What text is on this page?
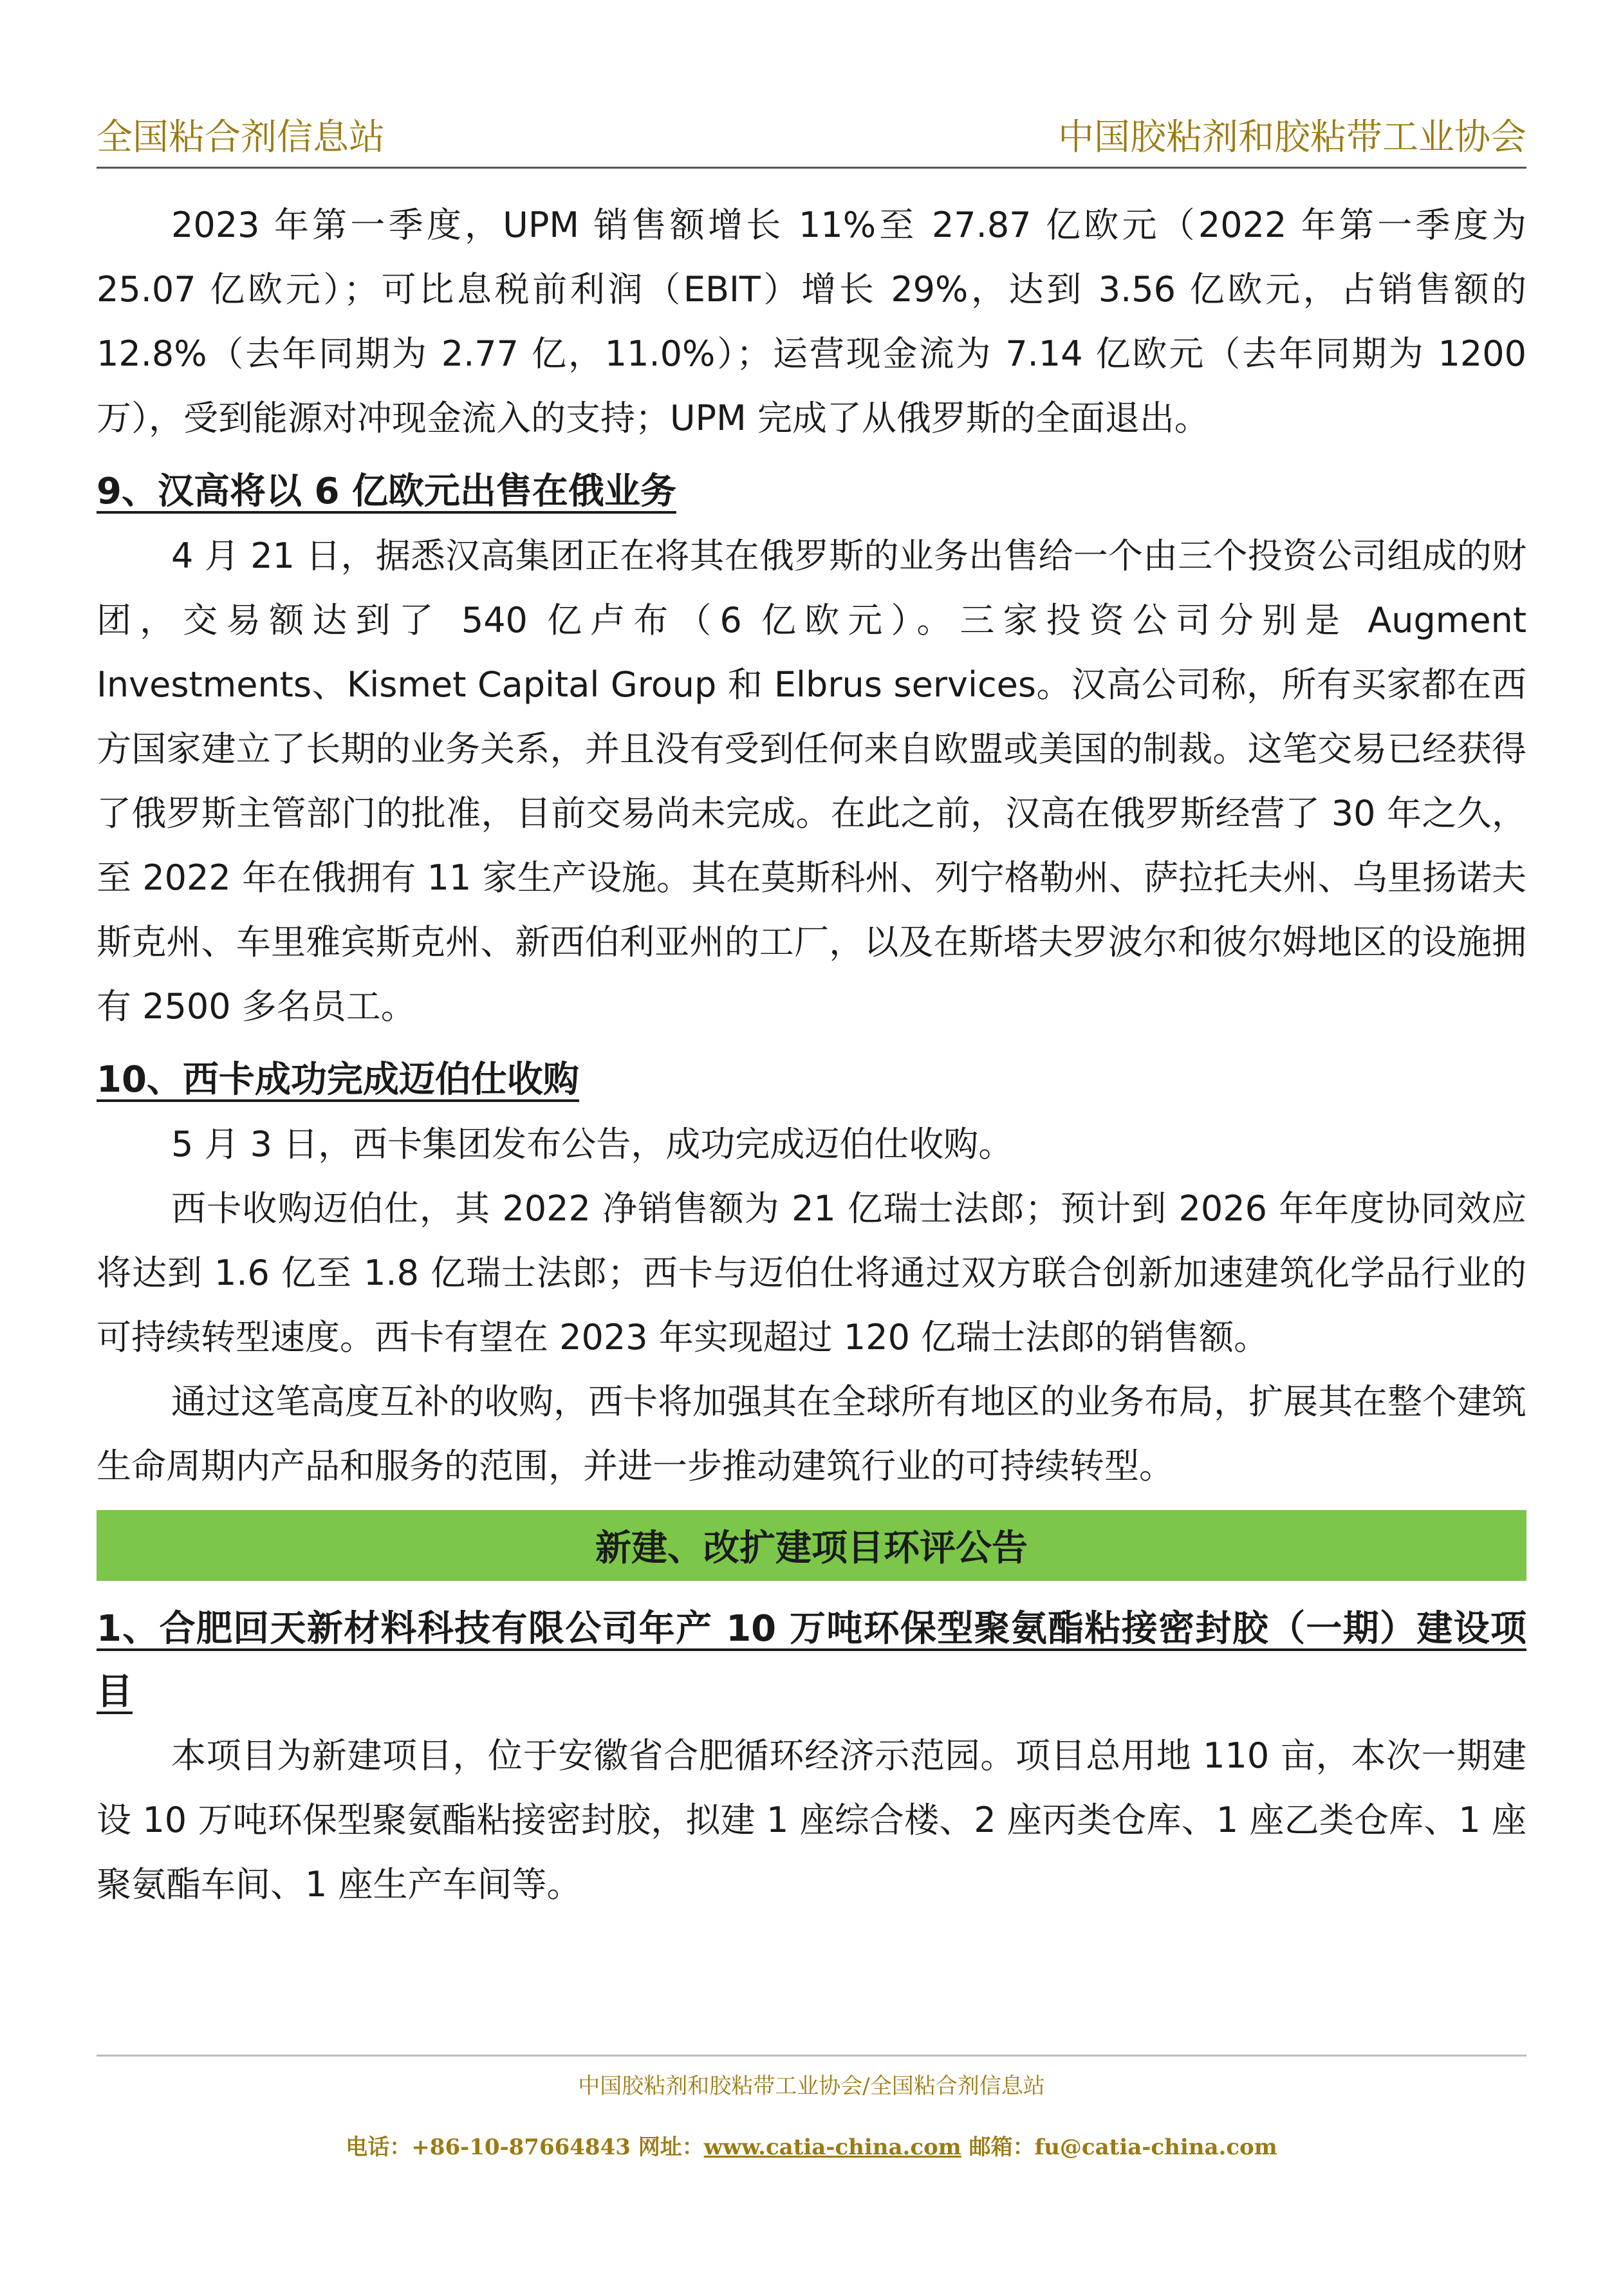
全国粘合剂信息站	中国胶粘剂和胶粘带工业协会

2023 年第一季度，UPM 销售额增长 11%至 27.87 亿欧元（2022 年第一季度为 25.07 亿欧元）；可比息税前利润（EBIT）增长 29%，达到 3.56 亿欧元，占销售额的 12.8%（去年同期为 2.77 亿，11.0%）；运营现金流为 7.14 亿欧元（去年同期为 1200 万），受到能源对冲现金流入的支持；UPM 完成了从俄罗斯的全面退出。

9、汉高将以 6 亿欧元出售在俄业务

4 月 21 日，据悉汉高集团正在将其在俄罗斯的业务出售给一个由三个投资公司组成的财团，交易额达到了 540 亿卢布（6 亿欧元）。三家投资公司分别是 Augment Investments、Kismet Capital Group 和 Elbrus services。汉高公司称，所有买家都在西方国家建立了长期的业务关系，并且没有受到任何来自欧盟或美国的制裁。这笔交易已经获得了俄罗斯主管部门的批准，目前交易尚未完成。在此之前，汉高在俄罗斯经营了 30 年之久，至 2022 年在俄拥有 11 家生产设施。其在莫斯科州、列宁格勒州、萨拉托夫州、乌里扬诺夫斯克州、车里雅宾斯克州、新西伯利亚州的工厂，以及在斯塔夫罗波尔和彼尔姆地区的设施拥有 2500 多名员工。

10、西卡成功完成迈伯仕收购

5 月 3 日，西卡集团发布公告，成功完成迈伯仕收购。

西卡收购迈伯仕，其 2022 净销售额为 21 亿瑞士法郎；预计到 2026 年年度协同效应将达到 1.6 亿至 1.8 亿瑞士法郎；西卡与迈伯仕将通过双方联合创新加速建筑化学品行业的可持续转型速度。西卡有望在 2023 年实现超过 120 亿瑞士法郎的销售额。

通过这笔高度互补的收购，西卡将加强其在全球所有地区的业务布局，扩展其在整个建筑生命周期内产品和服务的范围，并进一步推动建筑行业的可持续转型。

新建、改扩建项目环评公告
1、合肥回天新材料科技有限公司年产 10 万吨环保型聚氨酯粘接密封胶（一期）建设项目

本项目为新建项目，位于安徽省合肥循环经济示范园。项目总用地 110 亩，本次一期建设 10 万吨环保型聚氨酯粘接密封胶，拟建 1 座综合楼、2 座丙类仓库、1 座乙类仓库、1 座聚氨酯车间、1 座生产车间等。

中国胶粘剂和胶粘带工业协会/全国粘合剂信息站
电话：+86-10-87664843 网址：www.catia-china.com 邮箱：fu@catia-china.com
